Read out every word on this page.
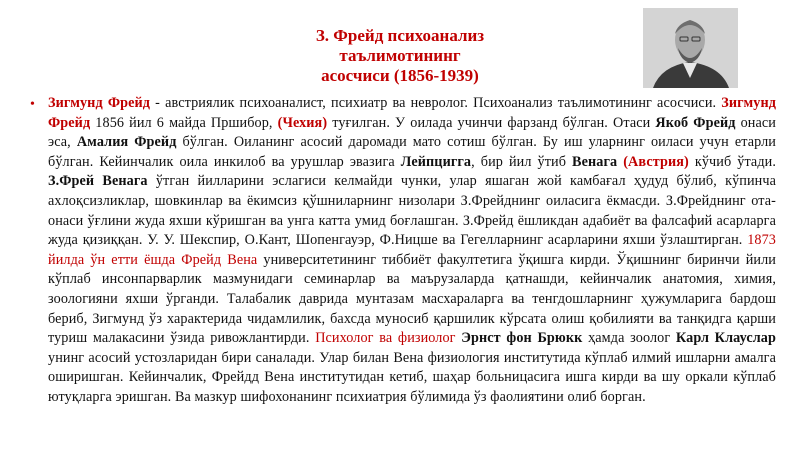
З. Фрейд психоанализ
таълимотининг
асосчиси (1856-1939)
• Зигмунд Фрейд - австриялик психоаналист, психиатр ва невролог. Психоанализ таълимотининг асосчиси. Зигмунд Фрейд 1856 йил 6 майда Пршибор, (Чехия) туғилган. У оилада учинчи фарзанд бўлган. Отаси Якоб Фрейд онаси эса, Амалия Фрейд бўлган. Оиланинг асосий даромади мато сотиш бўлган. Бу иш уларнинг оиласи учун етарли бўлган. Кейинчалик оила инкилоб ва урушлар эвазига Лейпцигга, бир йил ўтиб Венага (Австрия) кўчиб ўтади. З.Фрей Венага ўтган йилларини эслагиси келмайди чунки, улар яшаган жой камбағал ҳудуд бўлиб, кўпинча ахлоқсизликлар, шовкинлар ва ёкимсиз қўшниларнинг низолари З.Фрейднинг оиласига ёкмасди. З.Фрейднинг ота-онаси ўғлини жуда яхши кўришган ва унга катта умид боғлашган. З.Фрейд ёшликдан адабиёт ва фалсафий асарларга жуда қизиққан. У. У. Шекспир, О.Кант, Шопенгауэр, Ф.Ницше ва Гегелларнинг асарларини яхши ўзлаштирган. 1873 йилда ўн етти ёшда Фрейд Вена университетининг тиббиёт факултетига ўқишга кирди. Ўқишнинг биринчи йили кўплаб инсонпарварлик мазмунидаги семинарлар ва маърузаларда қатнашди, кейинчалик анатомия, химия, зоологияни яхши ўрганди. Талабалик даврида мунтазам масхараларга ва тенгдошларнинг ҳужумларига бардош бериб, Зигмунд ўз характерида чидамлилик, бахсда муносиб қаршилик кўрсата олиш қобилияти ва танқидга қарши туриш малакасини ўзида ривожлантирди. Психолог ва физиолог Эрнст фон Брюкк ҳамда зоолог Карл Клауслар унинг асосий устозларидан бири саналади. Улар билан Вена физиология институтида кўплаб илмий ишларни амалга оширишган. Кейинчалик, Фрейдд Вена институтидан кетиб, шаҳар больницасига ишга кирди ва шу оркали кўплаб ютуқларга эришган. Ва мазкур шифохонанинг психиатрия бўлимида ўз фаолиятини олиб борган.
